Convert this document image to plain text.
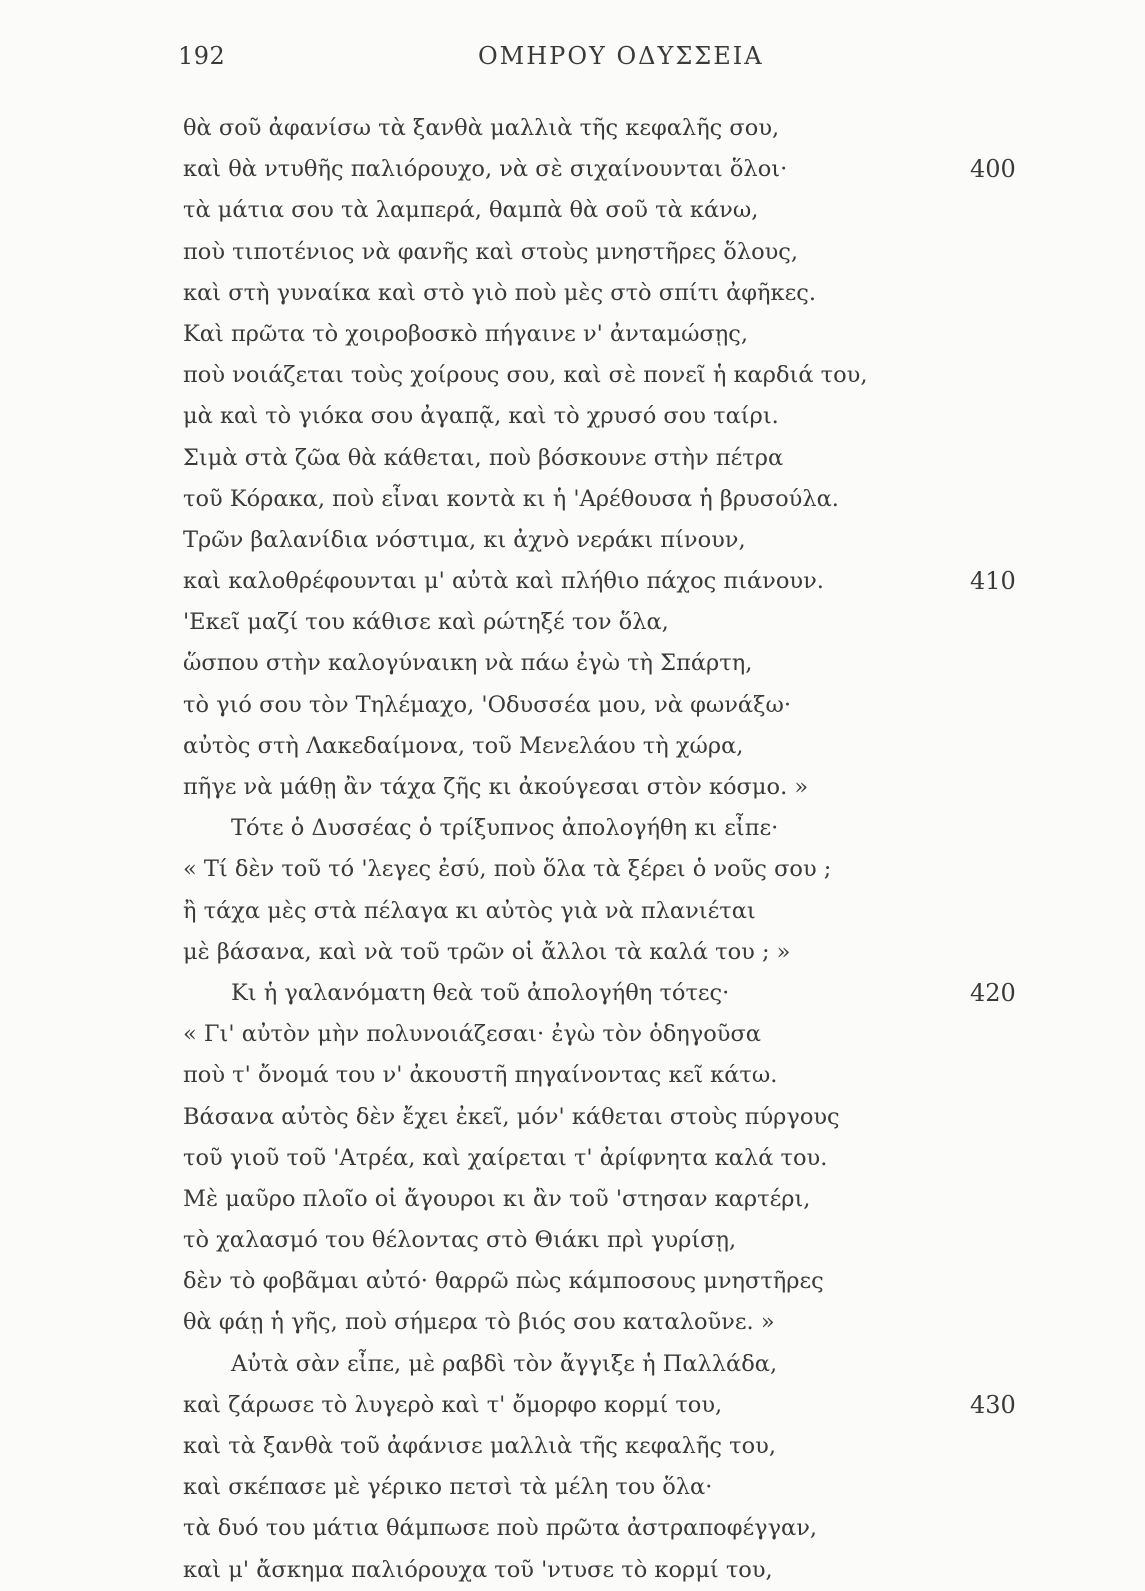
192	ΟΜΗΡΟΥ ΟΔΥΣΣΕΙΑ
θὰ σοῦ ἀφανίσω τὰ ξανθὰ μαλλιὰ τῆς κεφαλῆς σου,
καὶ θὰ ντυθῆς παλιόρουχο, νὰ σὲ σιχαίνουνται ὅλοι·	400
τὰ μάτια σου τὰ λαμπερά, θαμπὰ θὰ σοῦ τὰ κάνω,
ποὺ τιποτένιος νὰ φανῆς καὶ στοὺς μνηστῆρες ὅλους,
καὶ στὴ γυναίκα καὶ στὸ γιὸ ποὺ μὲς στὸ σπίτι ἀφῆκες.
Καὶ πρῶτα τὸ χοιροβοσκὸ πήγαινε ν' ἀνταμώσῃς,
ποὺ νοιάζεται τοὺς χοίρους σου, καὶ σὲ πονεῖ ἡ καρδιά του,
μὰ καὶ τὸ γιόκα σου ἀγαπᾷ, καὶ τὸ χρυσό σου ταίρι.
Σιμὰ στὰ ζῶα θὰ κάθεται, ποὺ βόσκουνε στὴν πέτρα
τοῦ Κόρακα, ποὺ εἶναι κοντὰ κι ἡ 'Αρέθουσα ἡ βρυσούλα.
Τρῶν βαλανίδια νόστιμα, κι ἀχνὸ νεράκι πίνουν,
καὶ καλοθρέφουνται μ' αὐτὰ καὶ πλήθιο πάχος πιάνουν.	410
'Εκεῖ μαζί του κάθισε καὶ ρώτηξέ τον ὅλα,
ὥσπου στὴν καλογύναικη νὰ πάω ἐγὼ τὴ Σπάρτη,
τὸ γιό σου τὸν Τηλέμαχο, 'Οδυσσέα μου, νὰ φωνάξω·
αὐτὸς στὴ Λακεδαίμονα, τοῦ Μενελάου τὴ χώρα,
πῆγε νὰ μάθῃ ἂν τάχα ζῆς κι ἀκούγεσαι στὸν κόσμο. »
Τότε ὁ Δυσσέας ὁ τρίξυπνος ἀπολογήθη κι εἶπε·
« Τί δὲν τοῦ τό 'λεγες ἐσύ, ποὺ ὅλα τὰ ξέρει ὁ νοῦς σου ;
ἢ τάχα μὲς στὰ πέλαγα κι αὐτὸς γιὰ νὰ πλανιέται
μὲ βάσανα, καὶ νὰ τοῦ τρῶν οἱ ἄλλοι τὰ καλά του ; »
Κι ἡ γαλανόματη θεὰ τοῦ ἀπολογήθη τότες·	420
« Γι' αὐτὸν μὴν πολυνοιάζεσαι· ἐγὼ τὸν ὁδηγοῦσα
ποὺ τ' ὄνομά του ν' ἀκουστῆ πηγαίνοντας κεῖ κάτω.
Βάσανα αὐτὸς δὲν ἔχει ἐκεῖ, μόν' κάθεται στοὺς πύργους
τοῦ γιοῦ τοῦ 'Ατρέα, καὶ χαίρεται τ' ἀρίφνητα καλά του.
Μὲ μαῦρο πλοῖο οἱ ἄγουροι κι ἂν τοῦ 'στησαν καρτέρι,
τὸ χαλασμό του θέλοντας στὸ Θιάκι πρὶ γυρίσῃ,
δὲν τὸ φοβᾶμαι αὐτό· θαρρῶ πὼς κάμποσους μνηστῆρες
θὰ φάῃ ἡ γῆς, ποὺ σήμερα τὸ βιός σου καταλοῦνε. »
Αὐτὰ σὰν εἶπε, μὲ ραβδὶ τὸν ἄγγιξε ἡ Παλλάδα,
καὶ ζάρωσε τὸ λυγερὸ καὶ τ' ὄμορφο κορμί του,	430
καὶ τὰ ξανθὰ τοῦ ἀφάνισε μαλλιὰ τῆς κεφαλῆς του,
καὶ σκέπασε μὲ γέρικο πετσὶ τὰ μέλη του ὅλα·
τὰ δυό του μάτια θάμπωσε ποὺ πρῶτα ἀστραποφέγγαν,
καὶ μ' ἄσκημα παλιόρουχα τοῦ 'ντυσε τὸ κορμί του,
